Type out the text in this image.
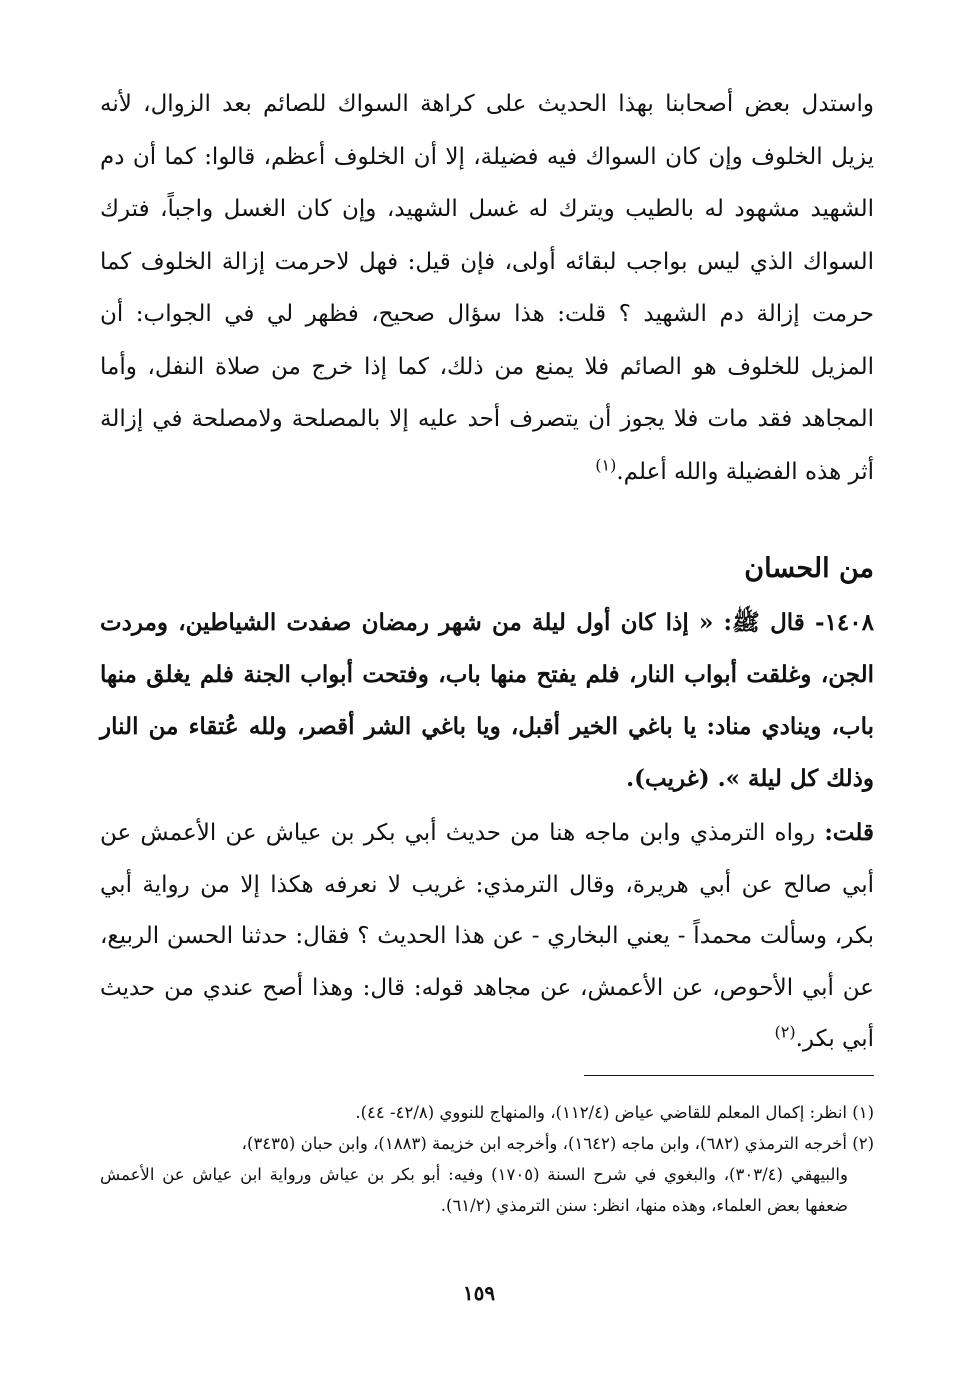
واستدل بعض أصحابنا بهذا الحديث على كراهة السواك للصائم بعد الزوال، لأنه يزيل الخلوف وإن كان السواك فيه فضيلة، إلا أن الخلوف أعظم، قالوا: كما أن دم الشهيد مشهود له بالطيب ويترك له غسل الشهيد، وإن كان الغسل واجباً، فترك السواك الذي ليس بواجب لبقائه أولى، فإن قيل: فهل لاحرمت إزالة الخلوف كما حرمت إزالة دم الشهيد ؟ قلت: هذا سؤال صحيح، فظهر لي في الجواب: أن المزيل للخلوف هو الصائم فلا يمنع من ذلك، كما إذا خرج من صلاة النفل، وأما المجاهد فقد مات فلا يجوز أن يتصرف أحد عليه إلا بالمصلحة ولامصلحة في إزالة أثر هذه الفضيلة والله أعلم.$^{(١)}$

من الحسان

١٤٠٨- قال ﷺ: « إذا كان أول ليلة من شهر رمضان صفدت الشياطين، ومردت الجن، وغلقت أبواب النار، فلم يفتح منها باب، وفتحت أبواب الجنة فلم يغلق منها باب، وينادي مناد: يا باغي الخير أقبل، ويا باغي الشر أقصر، ولله عُتقاء من النار وذلك كل ليلة ». (غريب).

قلت: رواه الترمذي وابن ماجه هنا من حديث أبي بكر بن عياش عن الأعمش عن أبي صالح عن أبي هريرة، وقال الترمذي: غريب لا نعرفه هكذا إلا من رواية أبي بكر، وسألت محمداً - يعني البخاري - عن هذا الحديث ؟ فقال: حدثنا الحسن الربيع، عن أبي الأحوص، عن الأعمش، عن مجاهد قوله: قال: وهذا أصح عندي من حديث أبي بكر.$^{(٢)}$

(١) انظر: إكمال المعلم للقاضي عياض (١١٢/٤)، والمنهاج للنووي (٤٢/٨- ٤٤).

(٢) أخرجه الترمذي (٦٨٢)، وابن ماجه (١٦٤٢)، وأخرجه ابن خزيمة (١٨٨٣)، وابن حبان (٣٤٣٥)،

والبيهقي (٣٠٣/٤)، والبغوي في شرح السنة (١٧٠٥) وفيه: أبو بكر بن عياش ورواية ابن عياش عن الأعمش ضعفها بعض العلماء، وهذه منها، انظر: سنن الترمذي (٦١/٢).

١٥٩
